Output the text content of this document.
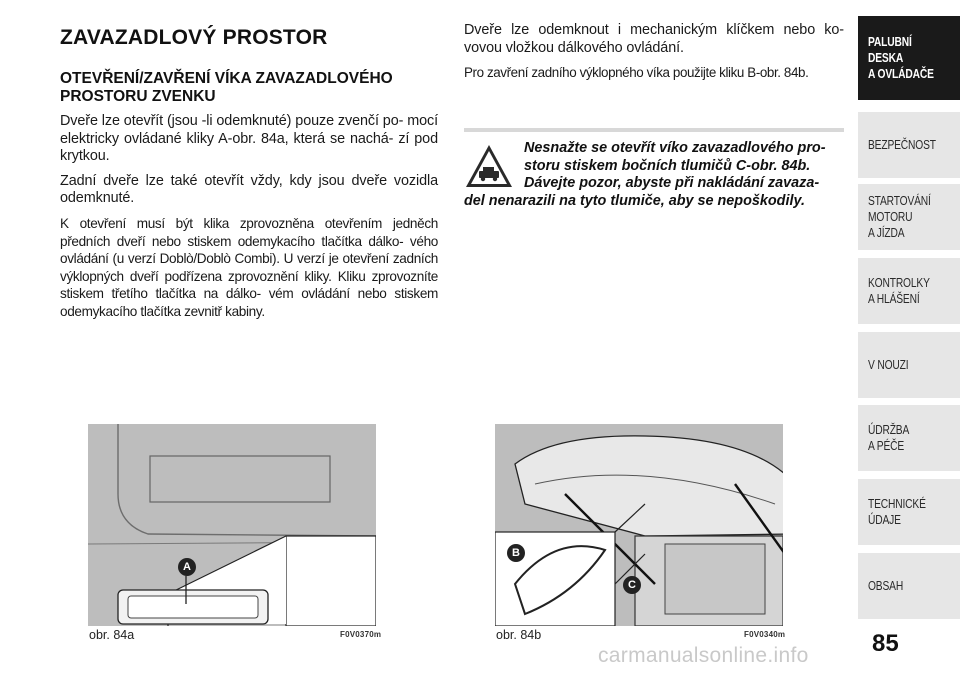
ZAVAZADLOVÝ PROSTOR
OTEVŘENÍ/ZAVŘENÍ VÍKA ZAVAZADLOVÉHO PROSTORU ZVENKU

Dveře lze otevřít (jsou -li odemknuté) pouze zvenčí po- mocí elektricky ovládané kliky A-obr. 84a, která se nachá- zí pod krytkou.

Zadní dveře lze také otevřít vždy, kdy jsou dveře vozidla odemknuté.

K otevření musí být klika zprovozněna otevřením jedněch předních dveří nebo stiskem odemykacího tlačítka dálko- vého ovládání (u verzí Doblò/Doblò Combi). U verzí je otevření zadních výklopných dveří podřízena zprovoznění kliky. Kliku zprovozníte stiskem třetího tlačítka na dálko- vém ovládání nebo stiskem odemykacího tlačítka zevnitř kabiny.

Dveře lze odemknout i mechanickým klíčkem nebo ko- vovou vložkou dálkového ovládání.

Pro zavření zadního výklopného víka použijte kliku B-obr. 84b.

Nesnažte se otevřít víko zavazadlového pro- storu stiskem bočních tlumičů C-obr. 84b. Dávejte pozor, abyste při nakládání zavaza- del nenarazili na tyto tlumiče, aby se nepoškodily.

A
obr. 84a	F0V0370m
B
C
obr. 84b	F0V0340m
PALUBNÍ DESKA
A OVLÁDAČE
BEZPEČNOST
STARTOVÁNÍ
MOTORU
A JÍZDA
KONTROLKY
A HLÁŠENÍ
V NOUZI
ÚDRŽBA
A PÉČE
TECHNICKÉ
ÚDAJE
OBSAH
85
carmanualsonline.info
